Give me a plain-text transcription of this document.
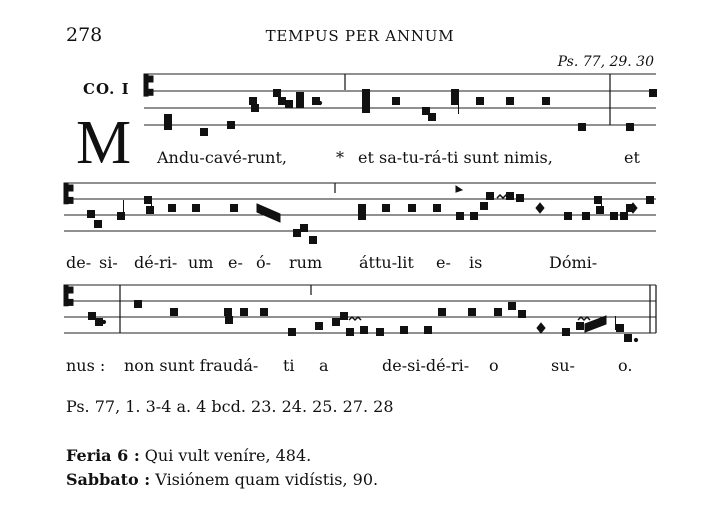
278	TEMPUS PER ANNUM
Ps. 77, 29. 30
CO. I
M Andu-cavé-runt,	* et sa-tu-rá-ti sunt nimis,	et
de- si- dé-ri- um e- ó- rum áttu-lit e- is	Dómi-
nus : non sunt fraudá- ti a	de-si-dé-ri- o	su-	o.
Ps. 77, 1. 3-4 a. 4 bcd. 23. 24. 25. 27. 28
Feria 6 : Qui vult veníre, 484.
Sabbato : Visiónem quam vidístis, 90.
